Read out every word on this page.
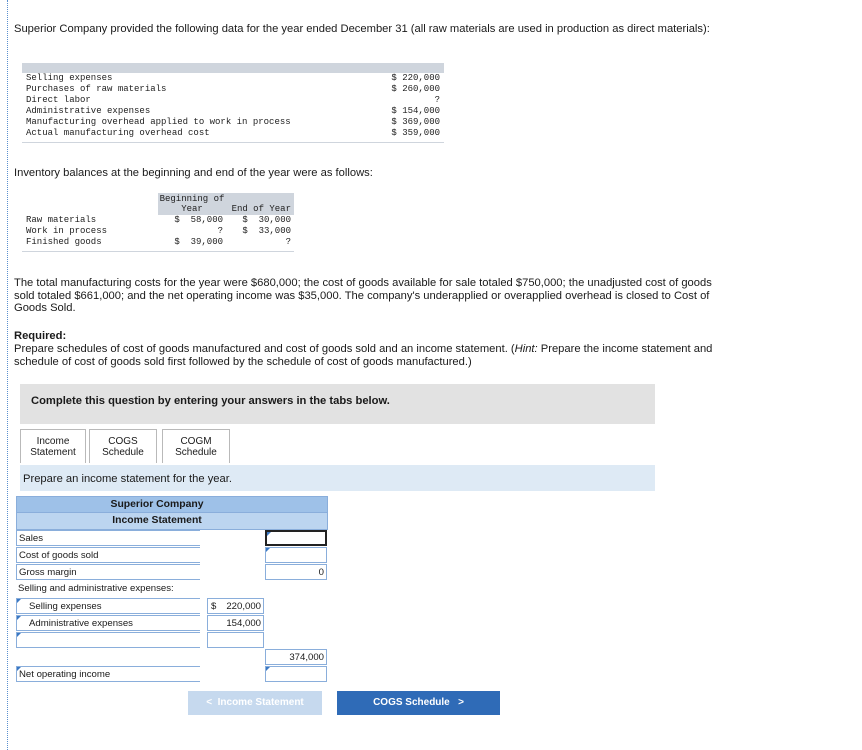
Superior Company provided the following data for the year ended December 31 (all raw materials are used in production as direct materials):
Selling expenses	$ 220,000
Purchases of raw materials	$ 260,000
Direct labor	?
Administrative expenses	$ 154,000
Manufacturing overhead applied to work in process	$ 369,000
Actual manufacturing overhead cost	$ 359,000
Inventory balances at the beginning and end of the year were as follows:
Beginning of
Year	End of Year
Raw materials	$  58,000	$  30,000
Work in process	?	$  33,000
Finished goods	$  39,000	?
The total manufacturing costs for the year were $680,000; the cost of goods available for sale totaled $750,000; the unadjusted cost of goods sold totaled $661,000; and the net operating income was $35,000. The company's underapplied or overapplied overhead is closed to Cost of Goods Sold.
Required:
Prepare schedules of cost of goods manufactured and cost of goods sold and an income statement. (Hint: Prepare the income statement and schedule of cost of goods sold first followed by the schedule of cost of goods manufactured.)
Complete this question by entering your answers in the tabs below.
Income
Statement
COGS
Schedule
COGM
Schedule
Prepare an income statement for the year.
Superior Company
Income Statement
Sales
Cost of goods sold
Gross margin	0
Selling and administrative expenses:
Selling expenses	$ 220,000
Administrative expenses	154,000
374,000
Net operating income
<  Income Statement	COGS Schedule   >
